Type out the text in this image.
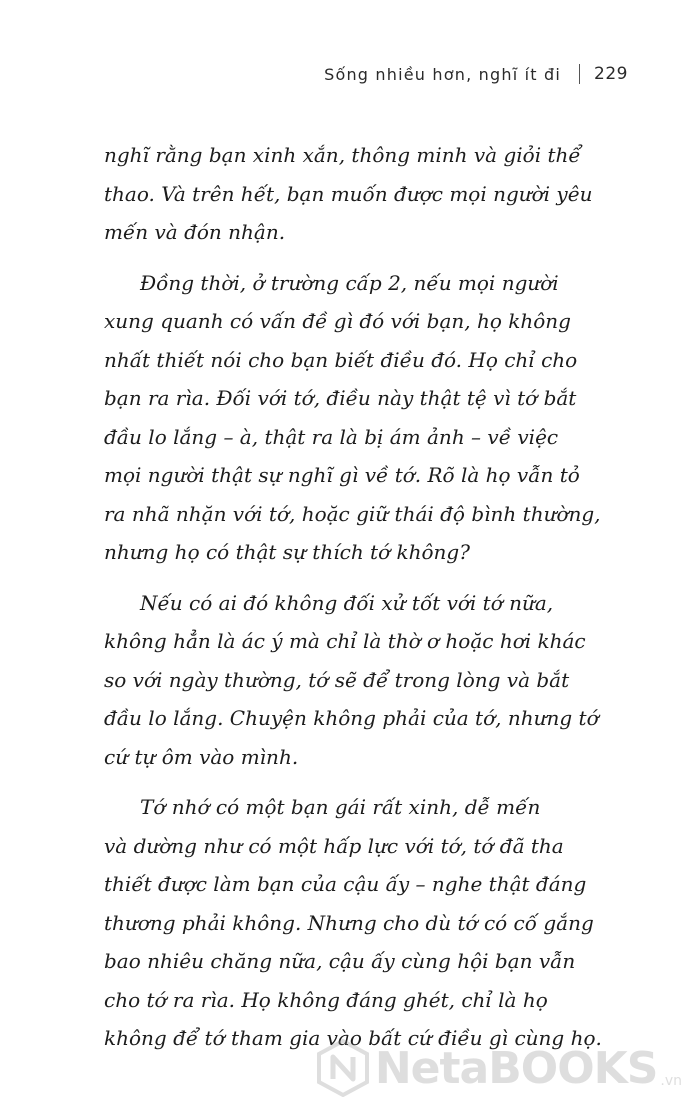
Sống nhiều hơn, nghĩ ít đi 229

nghĩ rằng bạn xinh xắn, thông minh và giỏi thể
thao. Và trên hết, bạn muốn được mọi người yêu
mến và đón nhận.

Đồng thời, ở trường cấp 2, nếu mọi người
xung quanh có vấn đề gì đó với bạn, họ không
nhất thiết nói cho bạn biết điều đó. Họ chỉ cho
bạn ra rìa. Đối với tớ, điều này thật tệ vì tớ bắt
đầu lo lắng – à, thật ra là bị ám ảnh – về việc
mọi người thật sự nghĩ gì về tớ. Rõ là họ vẫn tỏ
ra nhã nhặn với tớ, hoặc giữ thái độ bình thường,
nhưng họ có thật sự thích tớ không?

Nếu có ai đó không đối xử tốt với tớ nữa,
không hẳn là ác ý mà chỉ là thờ ơ hoặc hơi khác
so với ngày thường, tớ sẽ để trong lòng và bắt
đầu lo lắng. Chuyện không phải của tớ, nhưng tớ
cứ tự ôm vào mình.

Tớ nhớ có một bạn gái rất xinh, dễ mến
và dường như có một hấp lực với tớ, tớ đã tha
thiết được làm bạn của cậu ấy – nghe thật đáng
thương phải không. Nhưng cho dù tớ có cố gắng
bao nhiêu chăng nữa, cậu ấy cùng hội bạn vẫn
cho tớ ra rìa. Họ không đáng ghét, chỉ là họ
không để tớ tham gia vào bất cứ điều gì cùng họ.

NetaBOOKS .vn
